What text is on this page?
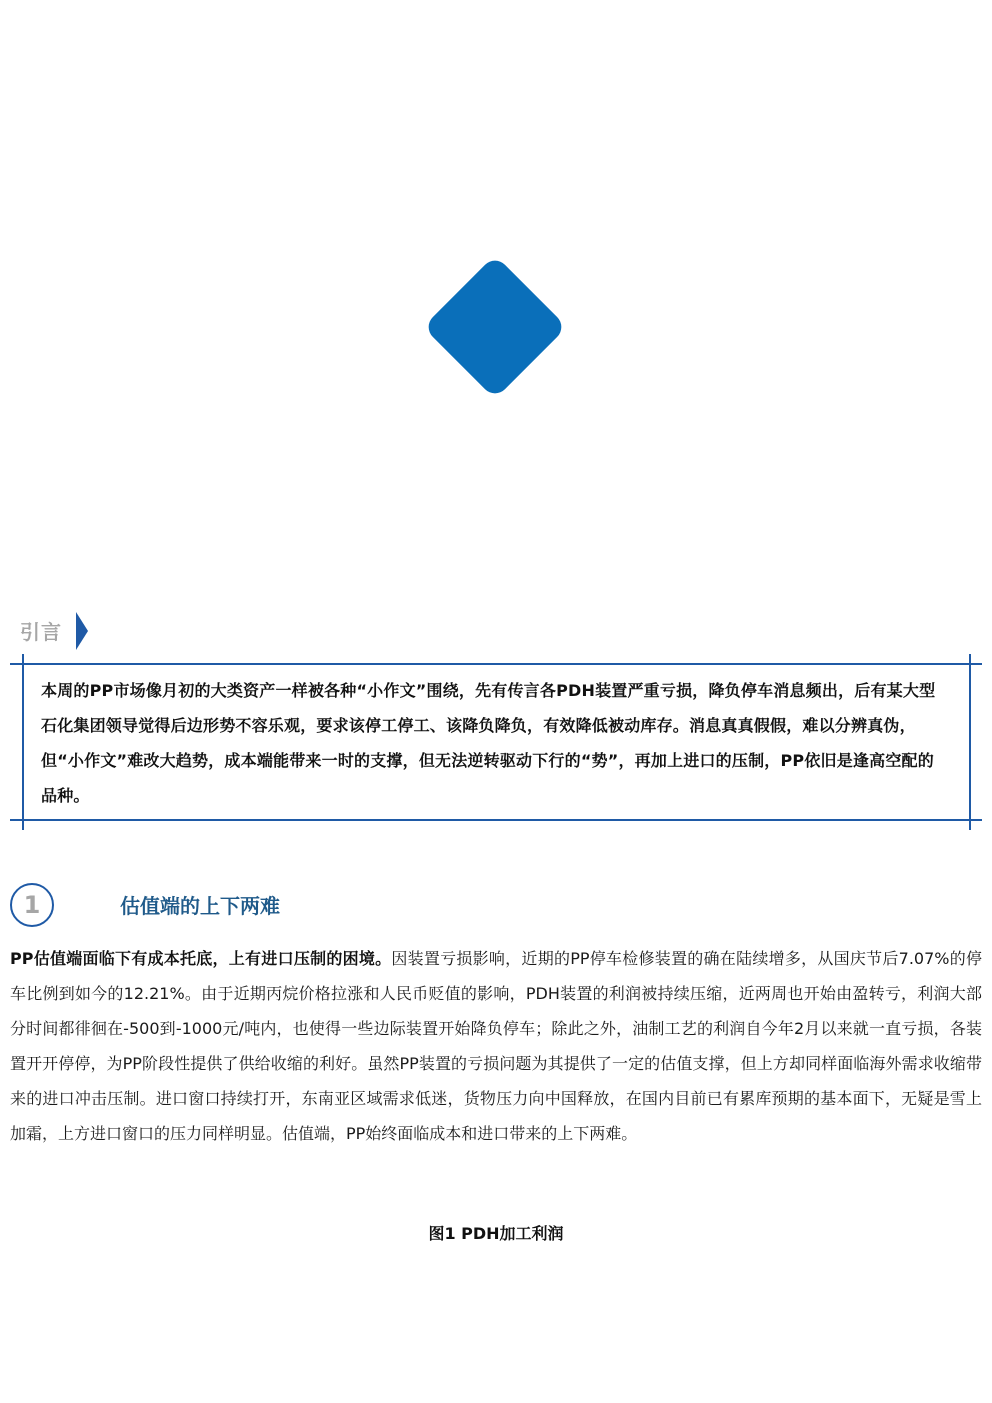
引言

本周的PP市场像月初的大类资产一样被各种“小作文”围绕，先有传言各PDH装置严重亏损，降负停车消息频出，后有某大型石化集团领导觉得后边形势不容乐观，要求该停工停工、该降负降负，有效降低被动库存。消息真真假假，难以分辨真伪，但“小作文”难改大趋势，成本端能带来一时的支撑，但无法逆转驱动下行的“势”，再加上进口的压制，PP依旧是逢高空配的品种。

1	估值端的上下两难

PP估值端面临下有成本托底，上有进口压制的困境。因装置亏损影响，近期的PP停车检修装置的确在陆续增多，从国庆节后7.07%的停车比例到如今的12.21%。由于近期丙烷价格拉涨和人民币贬值的影响，PDH装置的利润被持续压缩，近两周也开始由盈转亏，利润大部分时间都徘徊在-500到-1000元/吨内，也使得一些边际装置开始降负停车；除此之外，油制工艺的利润自今年2月以来就一直亏损，各装置开开停停，为PP阶段性提供了供给收缩的利好。虽然PP装置的亏损问题为其提供了一定的估值支撑，但上方却同样面临海外需求收缩带来的进口冲击压制。进口窗口持续打开，东南亚区域需求低迷，货物压力向中国释放，在国内目前已有累库预期的基本面下，无疑是雪上加霜，上方进口窗口的压力同样明显。估值端，PP始终面临成本和进口带来的上下两难。

图1 PDH加工利润
